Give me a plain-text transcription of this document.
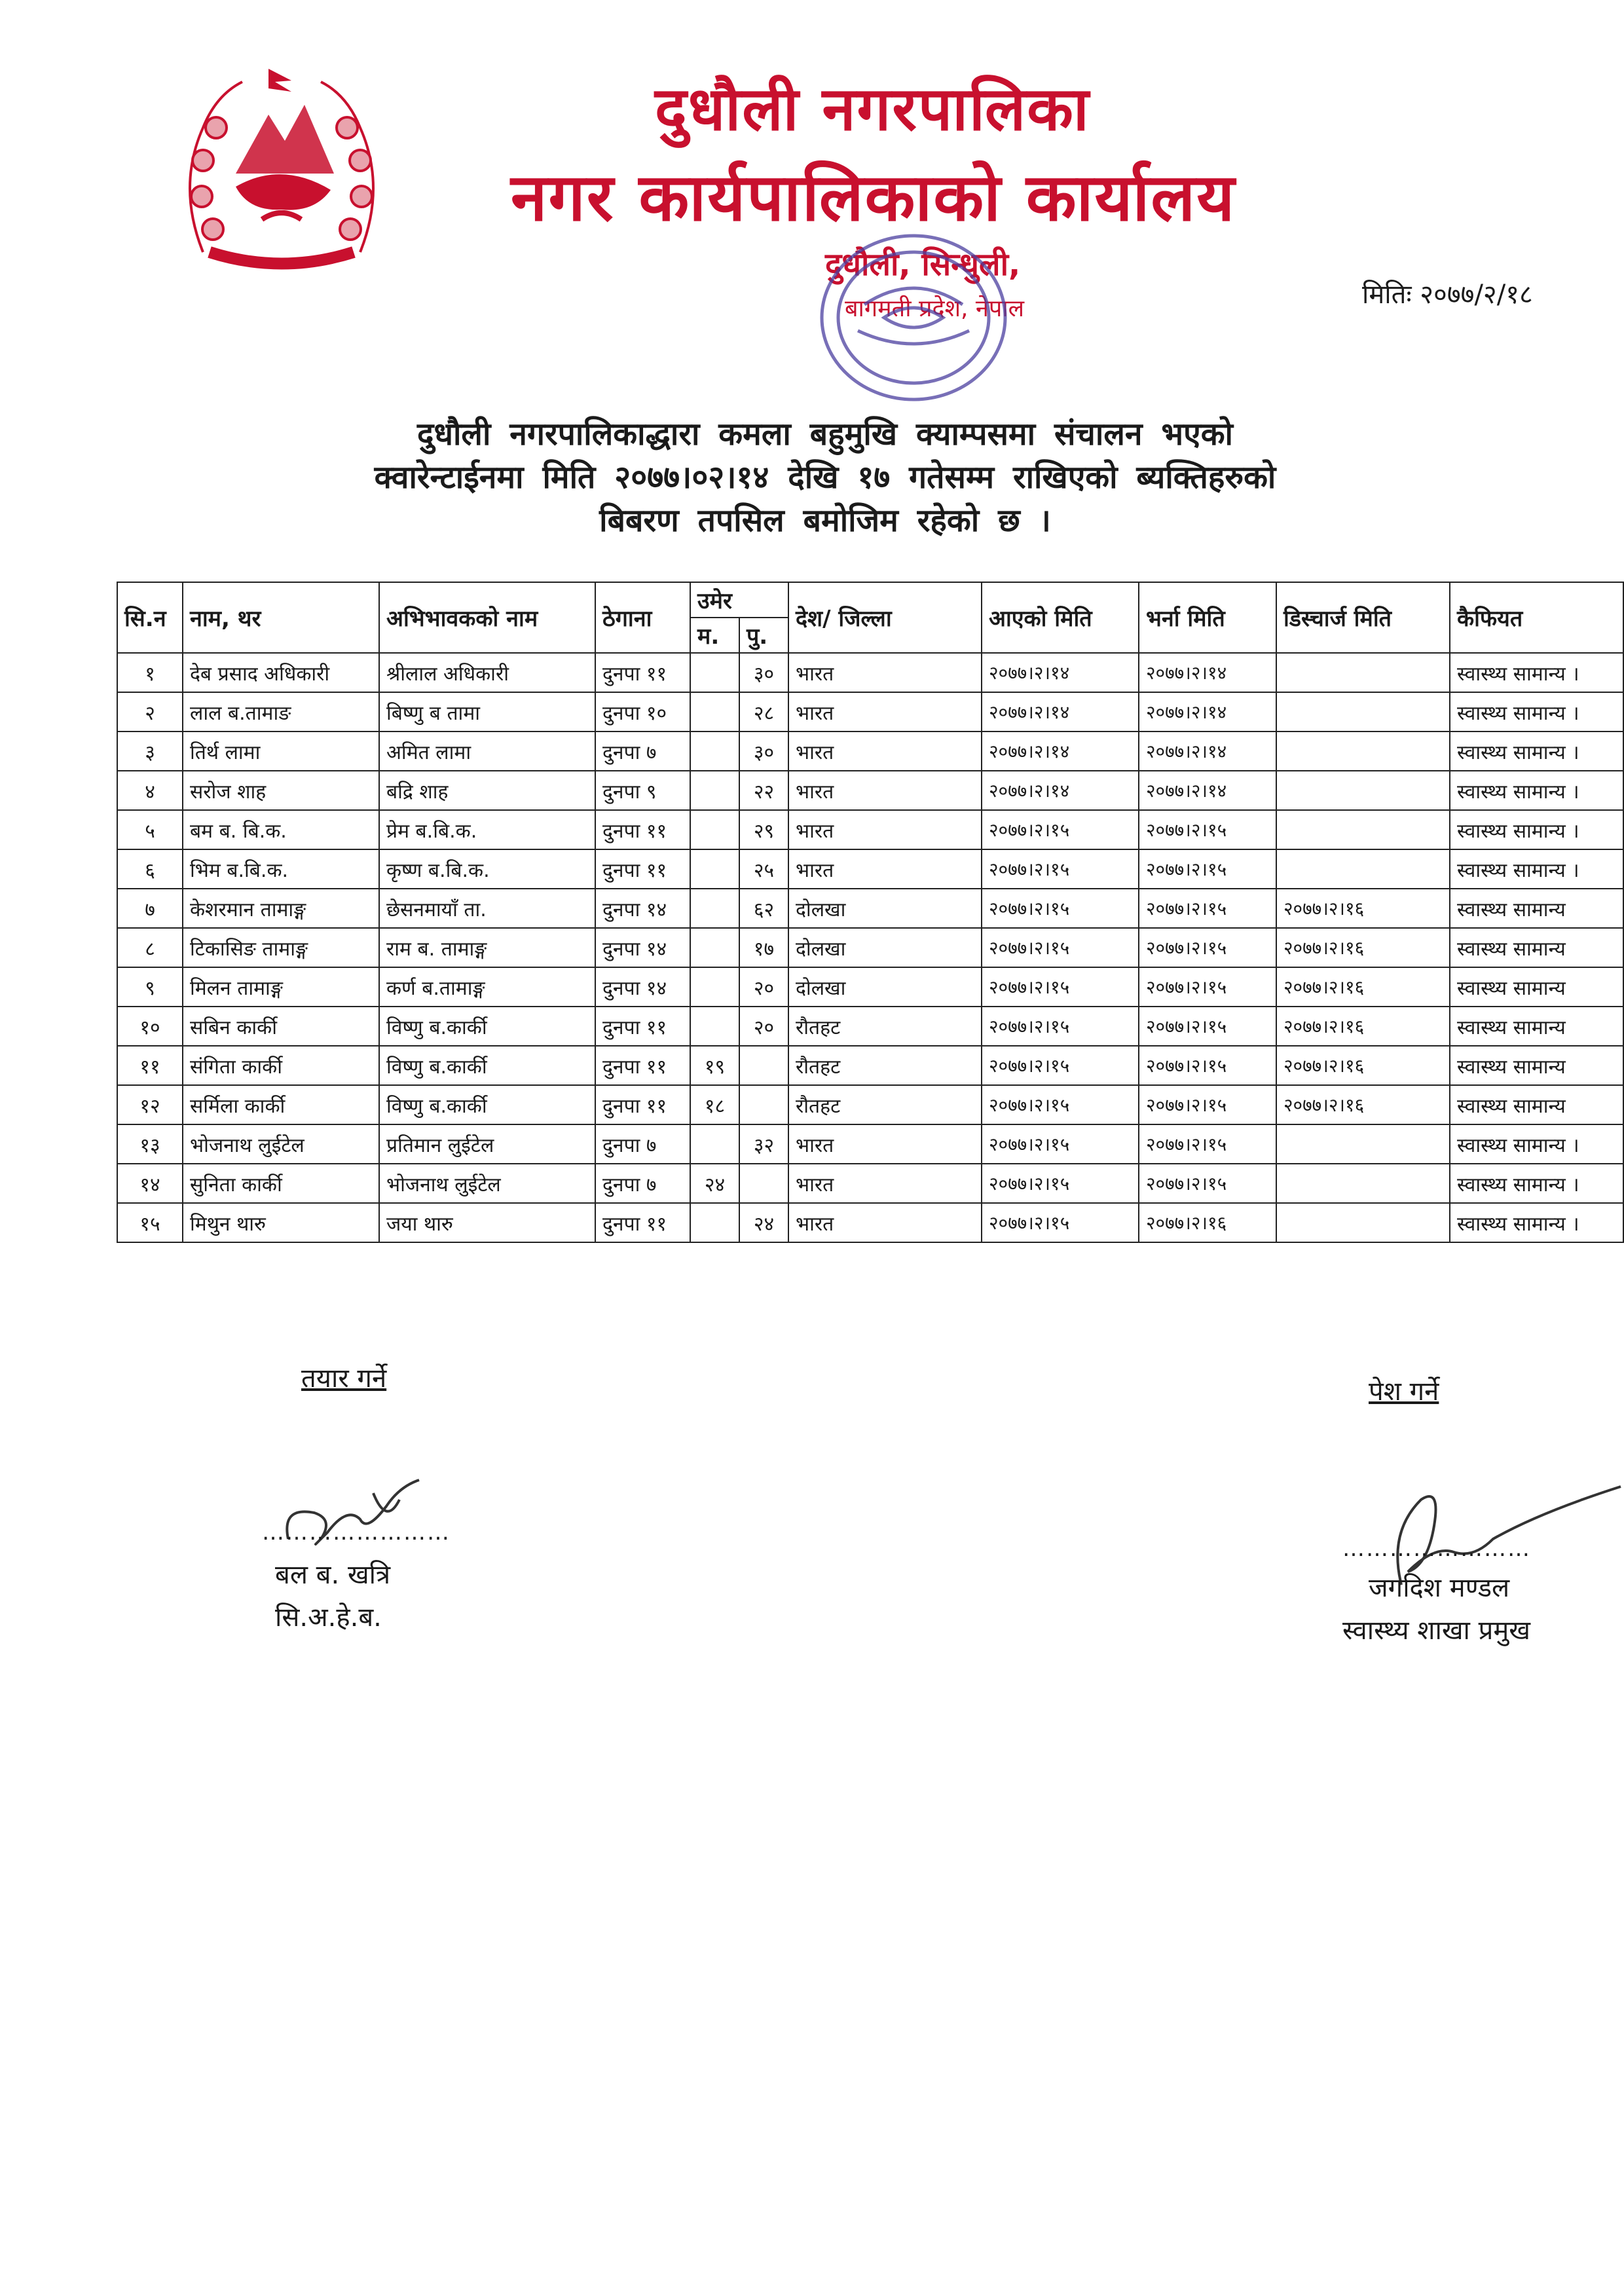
दुधौली नगरपालिका
नगर कार्यपालिकाको कार्यालय
दुधौली, सिन्धुली,
बागमती प्रदेश, नेपाल	मितिः २०७७/२/१८
दुधौली नगरपालिकाद्धारा कमला बहुमुखि क्याम्पसमा संचालन भएको
क्वारेन्टाईनमा मिति २०७७।०२।१४ देखि १७ गतेसम्म राखिएको ब्यक्तिहरुको
बिबरण तपसिल बमोजिम रहेको छ ।
सि.न	नाम, थर	अभिभावकको नाम	ठेगाना	उमेर		देश/ जिल्ला	आएको मिति	भर्ना मिति	डिस्चार्ज मिति	कैफियत
				म.	पु.					
१	देब प्रसाद अधिकारी	श्रीलाल अधिकारी	दुनपा ११		३०	भारत	२०७७।२।१४	२०७७।२।१४		स्वास्थ्य सामान्य ।
२	लाल ब.तामाङ	बिष्णु ब तामा	दुनपा १०		२८	भारत	२०७७।२।१४	२०७७।२।१४		स्वास्थ्य सामान्य ।
३	तिर्थ लामा	अमित लामा	दुनपा ७		३०	भारत	२०७७।२।१४	२०७७।२।१४		स्वास्थ्य सामान्य ।
४	सरोज शाह	बद्रि शाह	दुनपा ९		२२	भारत	२०७७।२।१४	२०७७।२।१४		स्वास्थ्य सामान्य ।
५	बम ब. बि.क.	प्रेम ब.बि.क.	दुनपा ११		२९	भारत	२०७७।२।१५	२०७७।२।१५		स्वास्थ्य सामान्य ।
६	भिम ब.बि.क.	कृष्ण ब.बि.क.	दुनपा ११		२५	भारत	२०७७।२।१५	२०७७।२।१५		स्वास्थ्य सामान्य ।
७	केशरमान तामाङ्ग	छेसनमायाँ ता.	दुनपा १४		६२	दोलखा	२०७७।२।१५	२०७७।२।१५	२०७७।२।१६	स्वास्थ्य सामान्य
८	टिकासिङ तामाङ्ग	राम ब. तामाङ्ग	दुनपा १४		१७	दोलखा	२०७७।२।१५	२०७७।२।१५	२०७७।२।१६	स्वास्थ्य सामान्य
९	मिलन तामाङ्ग	कर्ण ब.तामाङ्ग	दुनपा १४		२०	दोलखा	२०७७।२।१५	२०७७।२।१५	२०७७।२।१६	स्वास्थ्य सामान्य
१०	सबिन कार्की	विष्णु ब.कार्की	दुनपा ११		२०	रौतहट	२०७७।२।१५	२०७७।२।१५	२०७७।२।१६	स्वास्थ्य सामान्य
११	संगिता कार्की	विष्णु ब.कार्की	दुनपा ११	१९		रौतहट	२०७७।२।१५	२०७७।२।१५	२०७७।२।१६	स्वास्थ्य सामान्य
१२	सर्मिला कार्की	विष्णु ब.कार्की	दुनपा ११	१८		रौतहट	२०७७।२।१५	२०७७।२।१५	२०७७।२।१६	स्वास्थ्य सामान्य
१३	भोजनाथ लुईटेल	प्रतिमान लुईटेल	दुनपा ७		३२	भारत	२०७७।२।१५	२०७७।२।१५		स्वास्थ्य सामान्य ।
१४	सुनिता कार्की	भोजनाथ लुईटेल	दुनपा ७	२४		भारत	२०७७।२।१५	२०७७।२।१५		स्वास्थ्य सामान्य ।
१५	मिथुन थारु	जया थारु	दुनपा ११		२४	भारत	२०७७।२।१५	२०७७।२।१६		स्वास्थ्य सामान्य ।
तयार गर्ने	पेश गर्ने
……………………
……………………
बल ब. खत्रि
सि.अ.हे.ब.
जगदिश मण्डल
स्वास्थ्य शाखा प्रमुख
